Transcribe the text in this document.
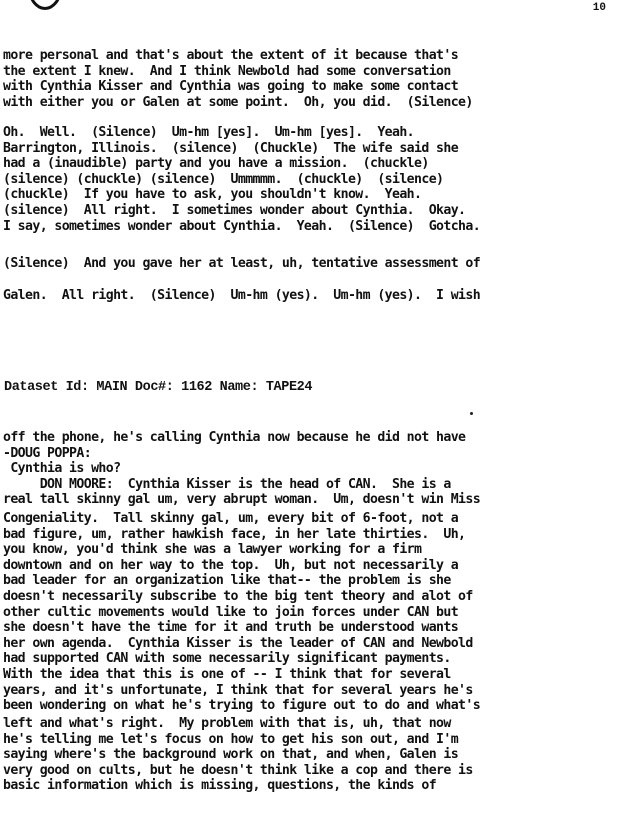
10
more personal and that's about the extent of it because that's
the extent I knew.  And I think Newbold had some conversation
with Cynthia Kisser and Cynthia was going to make some contact
with either you or Galen at some point.  Oh, you did.  (Silence)
Oh.  Well.  (Silence)  Um-hm [yes].  Um-hm [yes].  Yeah.
Barrington, Illinois.  (silence)  (Chuckle)  The wife said she
had a (inaudible) party and you have a mission.  (chuckle)
(silence) (chuckle) (silence)  Ummmmm.  (chuckle)  (silence)
(chuckle)  If you have to ask, you shouldn't know.  Yeah.
(silence)  All right.  I sometimes wonder about Cynthia.  Okay.
I say, sometimes wonder about Cynthia.  Yeah.  (Silence)  Gotcha.
(Silence)  And you gave her at least, uh, tentative assessment of
Galen.  All right.  (Silence)  Um-hm (yes).  Um-hm (yes).  I wish
Dataset Id: MAIN Doc#: 1162 Name: TAPE24
off the phone, he's calling Cynthia now because he did not have
-DOUG POPPA:
Cynthia is who?
DON MOORE:  Cynthia Kisser is the head of CAN.  She is a
real tall skinny gal um, very abrupt woman.  Um, doesn't win Miss
Congeniality.  Tall skinny gal, um, every bit of 6-foot, not a
bad figure, um, rather hawkish face, in her late thirties.  Uh,
you know, you'd think she was a lawyer working for a firm
downtown and on her way to the top.  Uh, but not necessarily a
bad leader for an organization like that-- the problem is she
doesn't necessarily subscribe to the big tent theory and alot of
other cultic movements would like to join forces under CAN but
she doesn't have the time for it and truth be understood wants
her own agenda.  Cynthia Kisser is the leader of CAN and Newbold
had supported CAN with some necessarily significant payments.
With the idea that this is one of -- I think that for several
years, and it's unfortunate, I think that for several years he's
been wondering on what he's trying to figure out to do and what's
left and what's right.  My problem with that is, uh, that now
he's telling me let's focus on how to get his son out, and I'm
saying where's the background work on that, and when, Galen is
very good on cults, but he doesn't think like a cop and there is
basic information which is missing, questions, the kinds of
